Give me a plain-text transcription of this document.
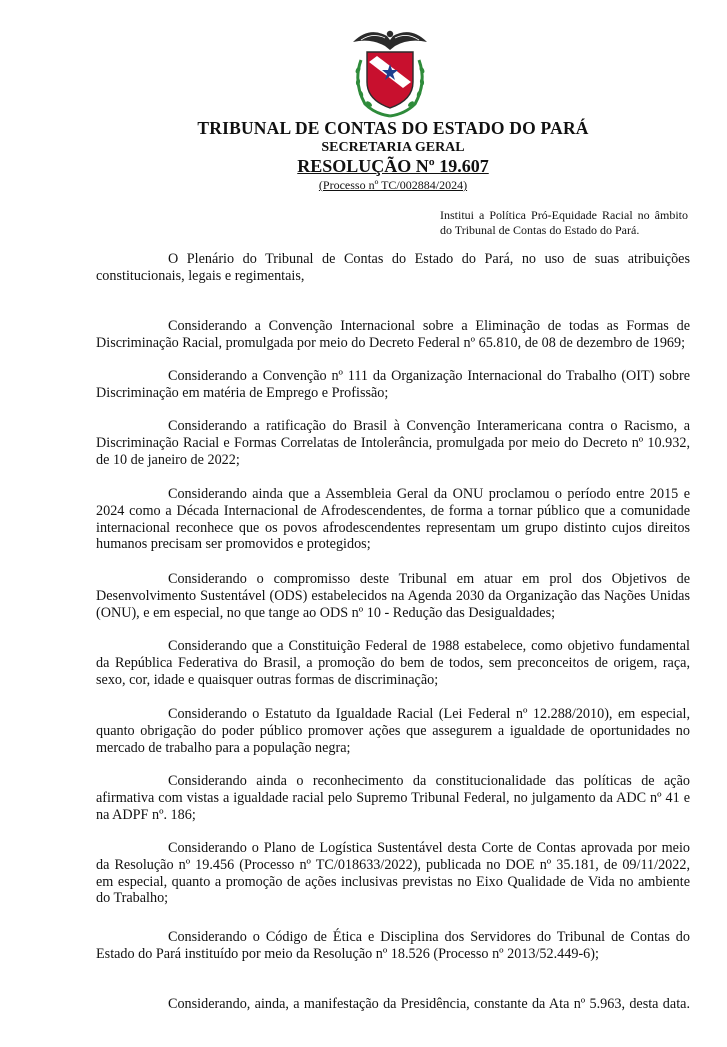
TRIBUNAL DE CONTAS DO ESTADO DO PARÁ
SECRETARIA GERAL
RESOLUÇÃO Nº 19.607
(Processo nº TC/002884/2024)
Institui a Política Pró-Equidade Racial no âmbito do Tribunal de Contas do Estado do Pará.

O Plenário do Tribunal de Contas do Estado do Pará, no uso de suas atribuições constitucionais, legais e regimentais,

Considerando a Convenção Internacional sobre a Eliminação de todas as Formas de Discriminação Racial, promulgada por meio do Decreto Federal nº 65.810, de 08 de dezembro de 1969;

Considerando a Convenção nº 111 da Organização Internacional do Trabalho (OIT) sobre Discriminação em matéria de Emprego e Profissão;

Considerando a ratificação do Brasil à Convenção Interamericana contra o Racismo, a Discriminação Racial e Formas Correlatas de Intolerância, promulgada por meio do Decreto nº 10.932, de 10 de janeiro de 2022;

Considerando ainda que a Assembleia Geral da ONU proclamou o período entre 2015 e 2024 como a Década Internacional de Afrodescendentes, de forma a tornar público que a comunidade internacional reconhece que os povos afrodescendentes representam um grupo distinto cujos direitos humanos precisam ser promovidos e protegidos;

Considerando o compromisso deste Tribunal em atuar em prol dos Objetivos de Desenvolvimento Sustentável (ODS) estabelecidos na Agenda 2030 da Organização das Nações Unidas (ONU), e em especial, no que tange ao ODS nº 10 - Redução das Desigualdades;

Considerando que a Constituição Federal de 1988 estabelece, como objetivo fundamental da República Federativa do Brasil, a promoção do bem de todos, sem preconceitos de origem, raça, sexo, cor, idade e quaisquer outras formas de discriminação;

Considerando o Estatuto da Igualdade Racial (Lei Federal nº 12.288/2010), em especial, quanto obrigação do poder público promover ações que assegurem a igualdade de oportunidades no mercado de trabalho para a população negra;

Considerando ainda o reconhecimento da constitucionalidade das políticas de ação afirmativa com vistas a igualdade racial pelo Supremo Tribunal Federal, no julgamento da ADC nº 41 e na ADPF nº. 186;

Considerando o Plano de Logística Sustentável desta Corte de Contas aprovada por meio da Resolução nº 19.456 (Processo nº TC/018633/2022), publicada no DOE nº 35.181, de 09/11/2022, em especial, quanto a promoção de ações inclusivas previstas no Eixo Qualidade de Vida no ambiente do Trabalho;

Considerando o Código de Ética e Disciplina dos Servidores do Tribunal de Contas do Estado do Pará instituído por meio da Resolução nº 18.526 (Processo nº 2013/52.449-6);

Considerando, ainda, a manifestação da Presidência, constante da Ata nº 5.963, desta data.
